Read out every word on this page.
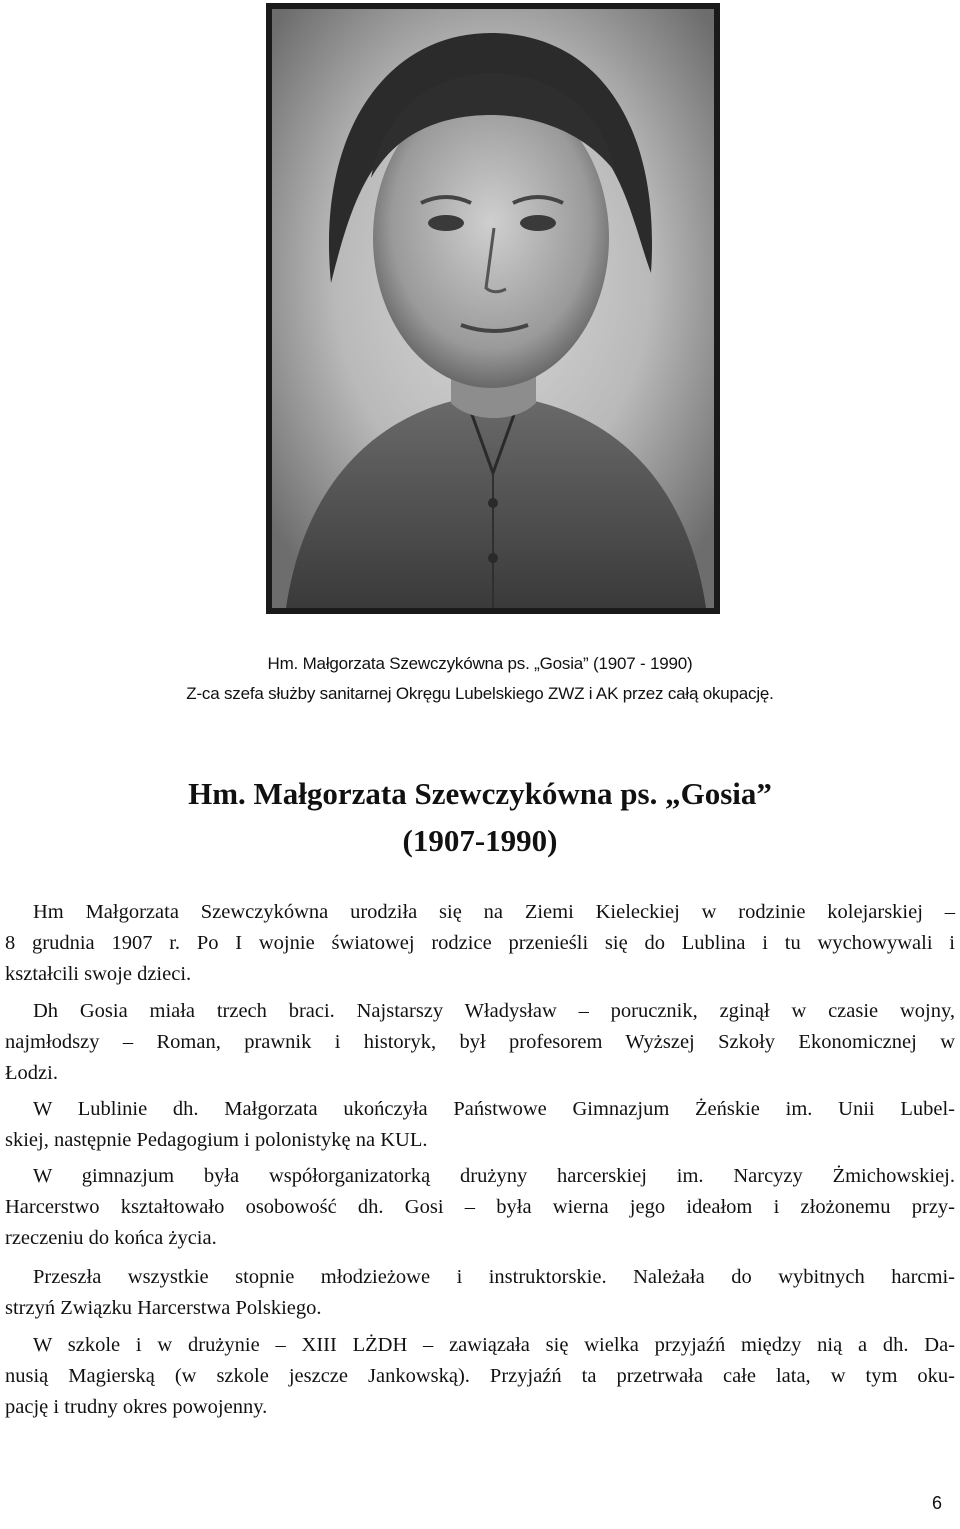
Hm. Małgorzata Szewczykówna ps. „Gosia” (1907 - 1990)
Z-ca szefa służby sanitarnej Okręgu Lubelskiego ZWZ i AK przez całą okupację.
Hm. Małgorzata Szewczykówna ps. „Gosia”
(1907-1990)
Hm Małgorzata Szewczykówna urodziła się na Ziemi Kieleckiej w rodzinie kolejarskiej –
8 grudnia 1907 r. Po I wojnie światowej rodzice przenieśli się do Lublina i tu wychowywali i
kształcili swoje dzieci.
Dh Gosia miała trzech braci. Najstarszy Władysław – porucznik, zginął w czasie wojny,
najmłodszy – Roman, prawnik i historyk, był profesorem Wyższej Szkoły Ekonomicznej w
Łodzi.
W Lublinie dh. Małgorzata ukończyła Państwowe Gimnazjum Żeńskie im. Unii Lubel-
skiej, następnie Pedagogium i polonistykę na KUL.
W gimnazjum była współorganizatorką drużyny harcerskiej im. Narcyzy Żmichowskiej.
Harcerstwo kształtowało osobowość dh. Gosi – była wierna jego ideałom i złożonemu przy-
rzeczeniu do końca życia.
Przeszła wszystkie stopnie młodzieżowe i instruktorskie. Należała do wybitnych harcmi-
strzyń Związku Harcerstwa Polskiego.
W szkole i w drużynie – XIII LŻDH – zawiązała się wielka przyjaźń między nią a dh. Da-
nusią Magierską (w szkole jeszcze Jankowską). Przyjaźń ta przetrwała całe lata, w tym oku-
pację i trudny okres powojenny.
6
